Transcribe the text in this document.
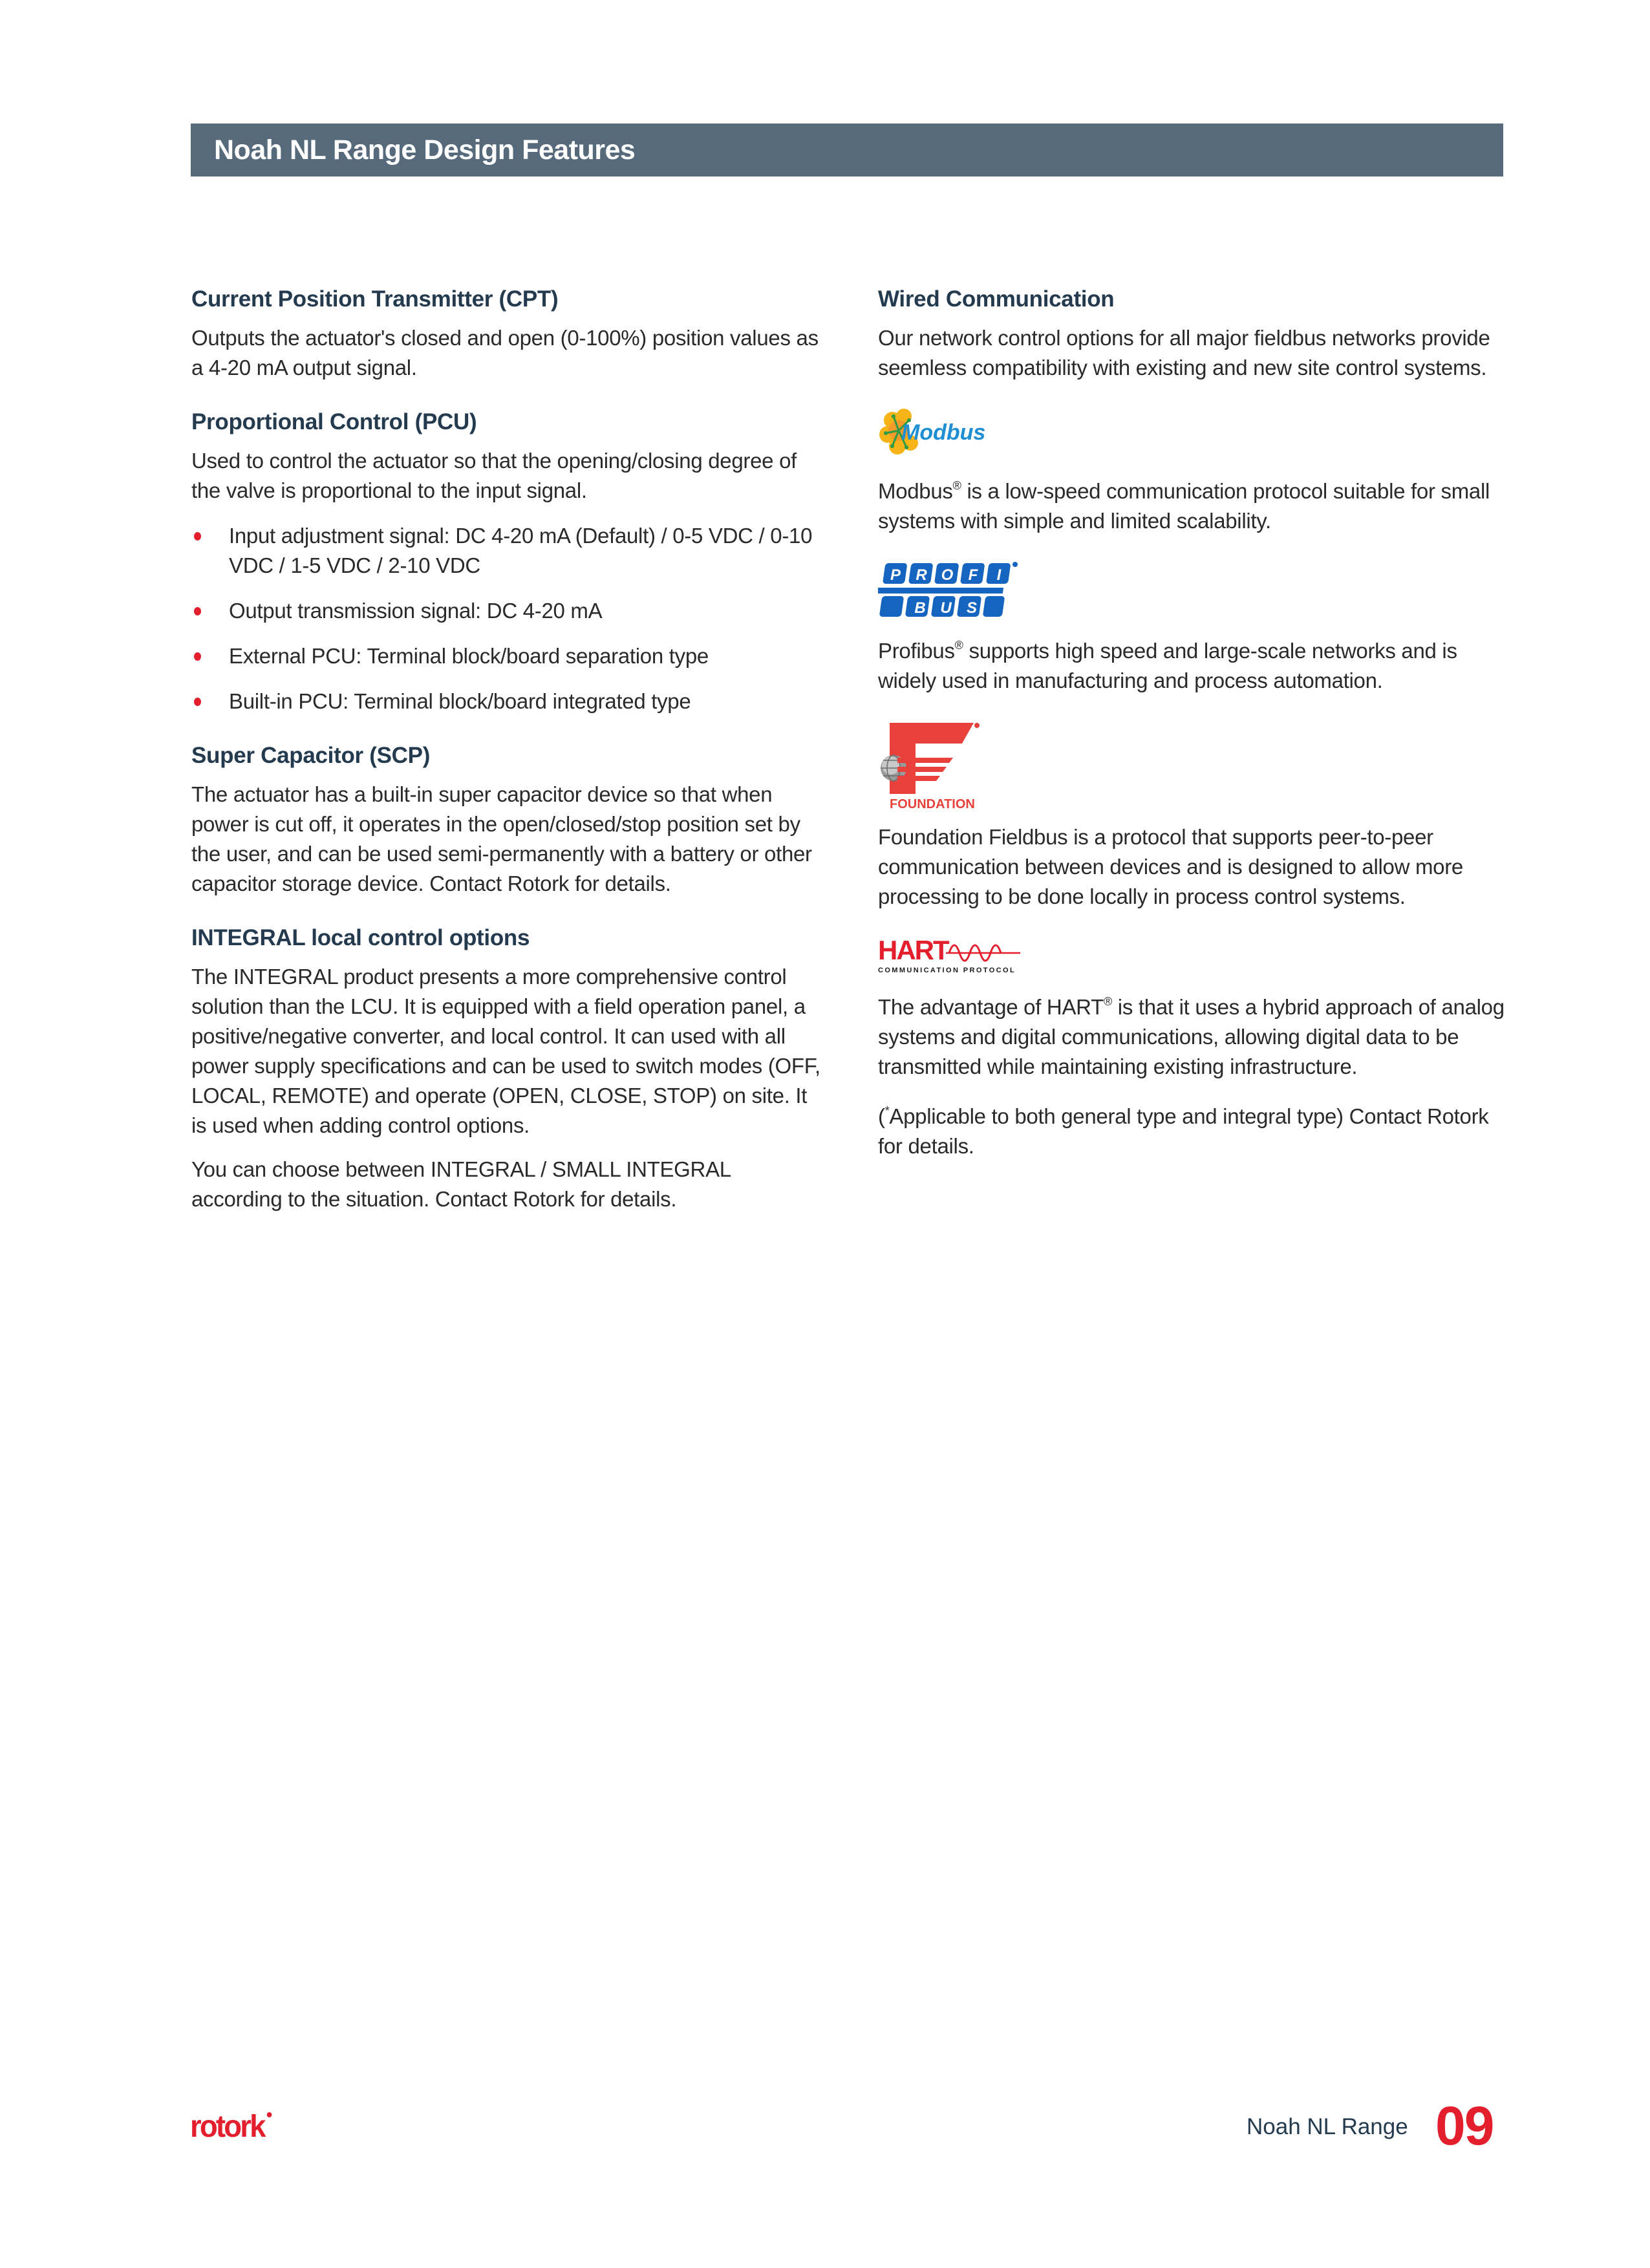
Noah NL Range Design Features
Current Position Transmitter (CPT)

Outputs the actuator's closed and open (0-100%) position values as a 4-20 mA output signal.

Proportional Control (PCU)

Used to control the actuator so that the opening/closing degree of the valve is proportional to the input signal.

Input adjustment signal: DC 4-20 mA (Default) / 0-5 VDC / 0-10 VDC / 1-5 VDC / 2-10 VDC
Output transmission signal: DC 4-20 mA
External PCU: Terminal block/board separation type
Built-in PCU: Terminal block/board integrated type
Super Capacitor (SCP)

The actuator has a built-in super capacitor device so that when power is cut off, it operates in the open/closed/stop position set by the user, and can be used semi-permanently with a battery or other capacitor storage device. Contact Rotork for details.

INTEGRAL local control options

The INTEGRAL product presents a more comprehensive control solution than the LCU. It is equipped with a field operation panel, a positive/negative converter, and local control. It can used with all power supply specifications and can be used to switch modes (OFF, LOCAL, REMOTE) and operate (OPEN, CLOSE, STOP) on site. It is used when adding control options.

You can choose between INTEGRAL / SMALL INTEGRAL according to the situation. Contact Rotork for details.

Wired Communication

Our network control options for all major fieldbus networks provide seemless compatibility with existing and new site control systems.

Modbus

Modbus® is a low-speed communication protocol suitable for small systems with simple and limited scalability.

P R O F I
B U S

Profibus® supports high speed and large-scale networks and is widely used in manufacturing and process automation.

FOUNDATION

Foundation Fieldbus is a protocol that supports peer-to-peer communication between devices and is designed to allow more processing to be done locally in process control systems.

HART
COMMUNICATION PROTOCOL

The advantage of HART® is that it uses a hybrid approach of analog systems and digital communications, allowing digital data to be transmitted while maintaining existing infrastructure.

(*Applicable to both general type and integral type) Contact Rotork for details.

rotork	Noah NL Range 09
